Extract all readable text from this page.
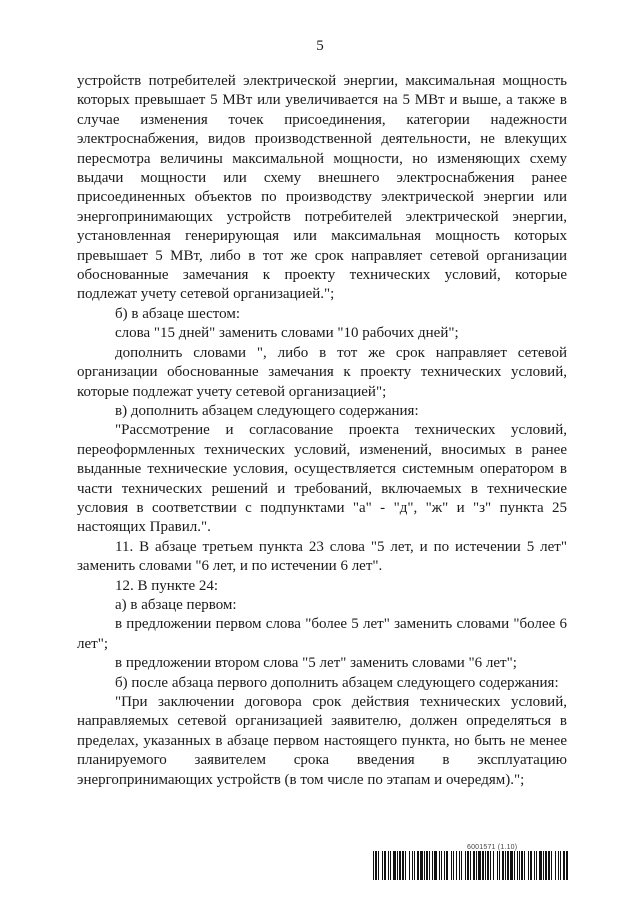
5

устройств потребителей электрической энергии, максимальная мощность которых превышает 5 МВт или увеличивается на 5 МВт и выше, а также в случае изменения точек присоединения, категории надежности электроснабжения, видов производственной деятельности, не влекущих пересмотра величины максимальной мощности, но изменяющих схему выдачи мощности или схему внешнего электроснабжения ранее присоединенных объектов по производству электрической энергии или энергопринимающих устройств потребителей электрической энергии, установленная генерирующая или максимальная мощность которых превышает 5 МВт, либо в тот же срок направляет сетевой организации обоснованные замечания к проекту технических условий, которые подлежат учету сетевой организацией.";

б) в абзаце шестом:

слова "15 дней" заменить словами "10 рабочих дней";

дополнить словами ", либо в тот же срок направляет сетевой организации обоснованные замечания к проекту технических условий, которые подлежат учету сетевой организацией";

в) дополнить абзацем следующего содержания:

"Рассмотрение и согласование проекта технических условий, переоформленных технических условий, изменений, вносимых в ранее выданные технические условия, осуществляется системным оператором в части технических решений и требований, включаемых в технические условия в соответствии с подпунктами "а" - "д", "ж" и "з" пункта 25 настоящих Правил.".

11. В абзаце третьем пункта 23 слова "5 лет, и по истечении 5 лет" заменить словами "6 лет, и по истечении 6 лет".

12. В пункте 24:

а) в абзаце первом:

в предложении первом слова "более 5 лет" заменить словами "более 6 лет";

в предложении втором слова "5 лет" заменить словами "6 лет";

б) после абзаца первого дополнить абзацем следующего содержания:

"При заключении договора срок действия технических условий, направляемых сетевой организацией заявителю, должен определяться в пределах, указанных в абзаце первом настоящего пункта, но быть не менее планируемого заявителем срока введения в эксплуатацию энергопринимающих устройств (в том числе по этапам и очередям).";

6001571 (1.10)
